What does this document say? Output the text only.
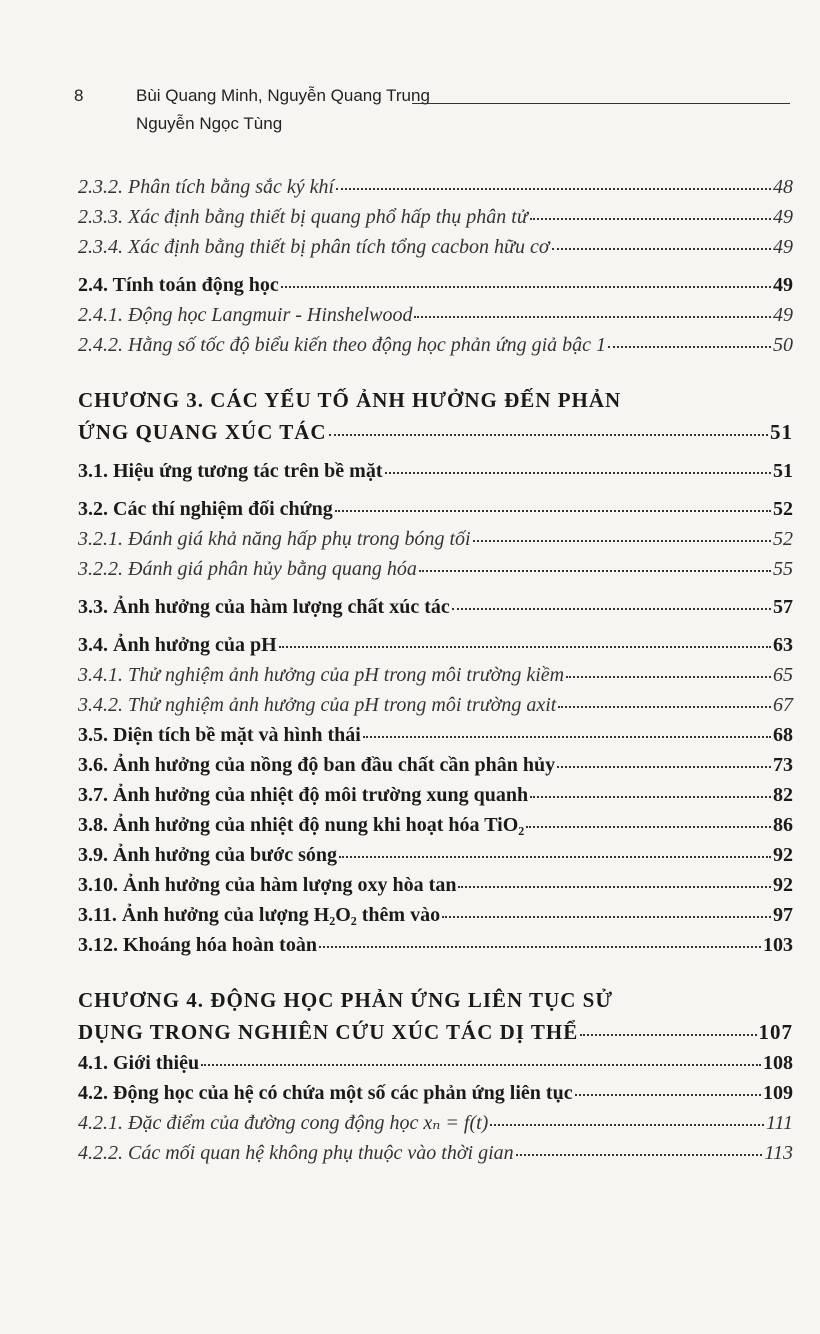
8	Bùi Quang Minh, Nguyễn Quang Trung
Nguyễn Ngọc Tùng
2.3.2. Phân tích bằng sắc ký khí	48
2.3.3. Xác định bằng thiết bị quang phổ hấp thụ phân tử	49
2.3.4. Xác định bằng thiết bị phân tích tổng cacbon hữu cơ	49
2.4. Tính toán động học	49
2.4.1. Động học Langmuir - Hinshelwood	49
2.4.2. Hằng số tốc độ biểu kiến theo động học phản ứng giả bậc 1	50
CHƯƠNG 3. CÁC YẾU TỐ ẢNH HƯỞNG ĐẾN PHẢN
ỨNG QUANG XÚC TÁC	51
3.1. Hiệu ứng tương tác trên bề mặt	51
3.2. Các thí nghiệm đối chứng	52
3.2.1. Đánh giá khả năng hấp phụ trong bóng tối	52
3.2.2. Đánh giá phân hủy bằng quang hóa	55
3.3. Ảnh hưởng của hàm lượng chất xúc tác	57
3.4. Ảnh hưởng của pH	63
3.4.1. Thử nghiệm ảnh hưởng của pH trong môi trường kiềm	65
3.4.2. Thử nghiệm ảnh hưởng của pH trong môi trường axit	67
3.5. Diện tích bề mặt và hình thái	68
3.6. Ảnh hưởng của nồng độ ban đầu chất cần phân hủy	73
3.7. Ảnh hưởng của nhiệt độ môi trường xung quanh	82
3.8. Ảnh hưởng của nhiệt độ nung khi hoạt hóa TiO₂	86
3.9. Ảnh hưởng của bước sóng	92
3.10. Ảnh hưởng của hàm lượng oxy hòa tan	92
3.11. Ảnh hưởng của lượng H₂O₂ thêm vào	97
3.12. Khoáng hóa hoàn toàn	103
CHƯƠNG 4. ĐỘNG HỌC PHẢN ỨNG LIÊN TỤC SỬ
DỤNG TRONG NGHIÊN CỨU XÚC TÁC DỊ THỂ	107
4.1. Giới thiệu	108
4.2. Động học của hệ có chứa một số các phản ứng liên tục	109
4.2.1. Đặc điểm của đường cong động học xₙ = f(t)	111
4.2.2. Các mối quan hệ không phụ thuộc vào thời gian	113
